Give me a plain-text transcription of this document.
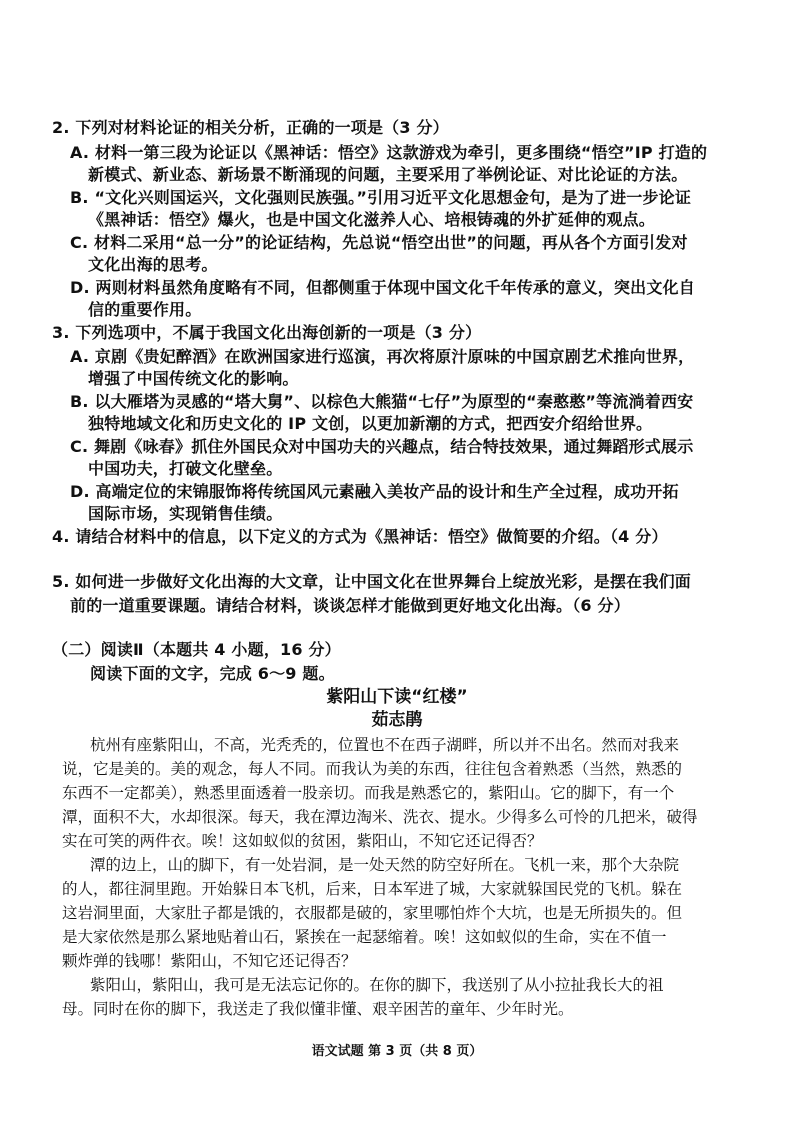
2. 下列对材料论证的相关分析，正确的一项是（3 分）
A. 材料一第三段为论证以《黑神话：悟空》这款游戏为牵引，更多围绕“悟空”IP 打造的
新模式、新业态、新场景不断涌现的问题，主要采用了举例论证、对比论证的方法。
B. “文化兴则国运兴，文化强则民族强。”引用习近平文化思想金句，是为了进一步论证
《黑神话：悟空》爆火，也是中国文化滋养人心、培根铸魂的外扩延伸的观点。
C. 材料二采用“总一分”的论证结构，先总说“悟空出世”的问题，再从各个方面引发对
文化出海的思考。
D. 两则材料虽然角度略有不同，但都侧重于体现中国文化千年传承的意义，突出文化自
信的重要作用。
3. 下列选项中，不属于我国文化出海创新的一项是（3 分）
A. 京剧《贵妃醉酒》在欧洲国家进行巡演，再次将原汁原味的中国京剧艺术推向世界，
增强了中国传统文化的影响。
B. 以大雁塔为灵感的“塔大舅”、以棕色大熊猫“七仔”为原型的“秦憨憨”等流淌着西安
独特地域文化和历史文化的 IP 文创，以更加新潮的方式，把西安介绍给世界。
C. 舞剧《咏春》抓住外国民众对中国功夫的兴趣点，结合特技效果，通过舞蹈形式展示
中国功夫，打破文化壁垒。
D. 高端定位的宋锦服饰将传统国风元素融入美妆产品的设计和生产全过程，成功开拓
国际市场，实现销售佳绩。
4. 请结合材料中的信息，以下定义的方式为《黑神话：悟空》做简要的介绍。（4 分）
5. 如何进一步做好文化出海的大文章，让中国文化在世界舞台上绽放光彩，是摆在我们面
前的一道重要课题。请结合材料，谈谈怎样才能做到更好地文化出海。（6 分）
（二）阅读Ⅱ（本题共 4 小题，16 分）
阅读下面的文字，完成 6～9 题。
紫阳山下读“红楼”
茹志鹃
杭州有座紫阳山，不高，光秃秃的，位置也不在西子湖畔，所以并不出名。然而对我来
说，它是美的。美的观念，每人不同。而我认为美的东西，往往包含着熟悉（当然，熟悉的
东西不一定都美），熟悉里面透着一股亲切。而我是熟悉它的，紫阳山。它的脚下，有一个
潭，面积不大，水却很深。每天，我在潭边淘米、洗衣、提水。少得多么可怜的几把米，破得
实在可笑的两件衣。唉！这如蚁似的贫困，紫阳山，不知它还记得否？
潭的边上，山的脚下，有一处岩洞，是一处天然的防空好所在。飞机一来，那个大杂院
的人，都往洞里跑。开始躲日本飞机，后来，日本军进了城，大家就躲国民党的飞机。躲在
这岩洞里面，大家肚子都是饿的，衣服都是破的，家里哪怕炸个大坑，也是无所损失的。但
是大家依然是那么紧地贴着山石，紧挨在一起瑟缩着。唉！这如蚁似的生命，实在不值一
颗炸弹的钱哪！紫阳山，不知它还记得否？
紫阳山，紫阳山，我可是无法忘记你的。在你的脚下，我送别了从小拉扯我长大的祖
母。同时在你的脚下，我送走了我似懂非懂、艰辛困苦的童年、少年时光。
语文试题 第 3 页（共 8 页）
